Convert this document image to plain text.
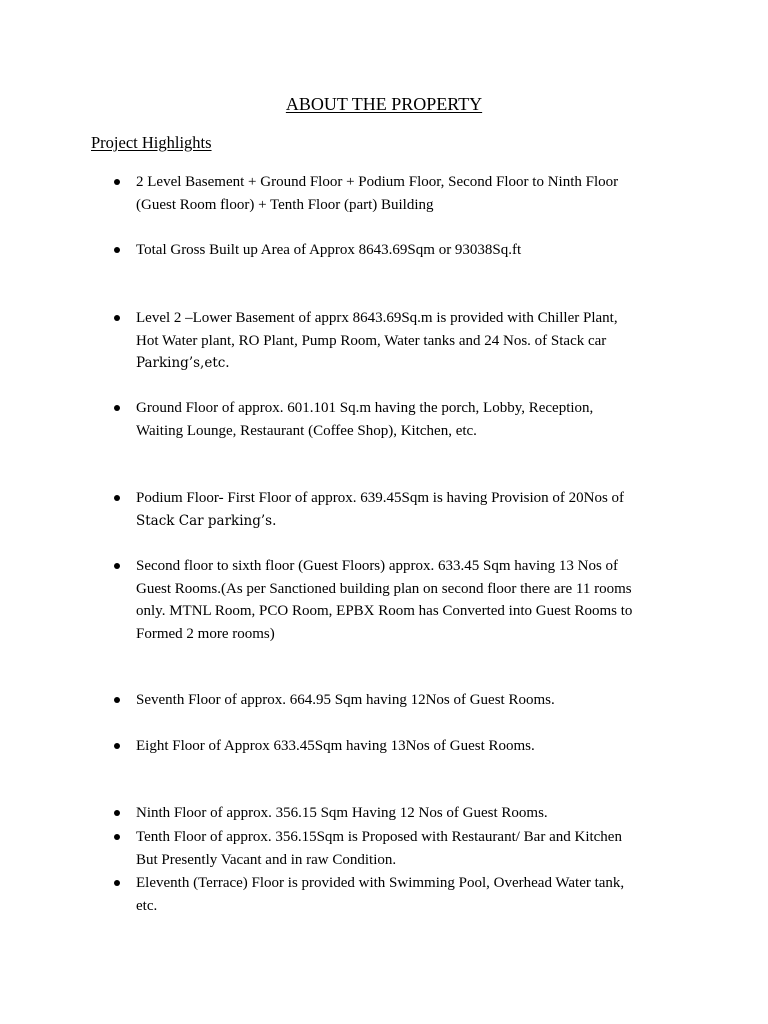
ABOUT THE PROPERTY
Project Highlights
2 Level Basement + Ground Floor + Podium Floor, Second Floor to Ninth Floor
(Guest Room floor) + Tenth Floor (part) Building
Total Gross Built up Area of Approx 8643.69Sqm or 93038Sq.ft
Level 2 –Lower Basement of apprx 8643.69Sq.m is provided with Chiller Plant,
Hot Water plant, RO Plant, Pump Room, Water tanks and 24 Nos. of Stack car
Parking’s,etc.
Ground Floor of approx. 601.101 Sq.m having the porch, Lobby, Reception,
Waiting Lounge, Restaurant (Coffee Shop), Kitchen, etc.
Podium Floor- First Floor of approx. 639.45Sqm is having Provision of 20Nos of
Stack Car parking’s.
Second floor to sixth floor (Guest Floors) approx. 633.45 Sqm having 13 Nos of
Guest Rooms.(As per Sanctioned building plan on second floor there are 11 rooms
only. MTNL Room, PCO Room, EPBX Room has Converted into Guest Rooms to
Formed 2 more rooms)
Seventh Floor of approx. 664.95 Sqm having 12Nos of Guest Rooms.
Eight Floor of Approx 633.45Sqm having 13Nos of Guest Rooms.
Ninth Floor of approx. 356.15 Sqm Having 12 Nos of Guest Rooms.
Tenth Floor of approx. 356.15Sqm is Proposed with Restaurant/ Bar and Kitchen
But Presently Vacant and in raw Condition.
Eleventh (Terrace) Floor is provided with Swimming Pool, Overhead Water tank,
etc.
